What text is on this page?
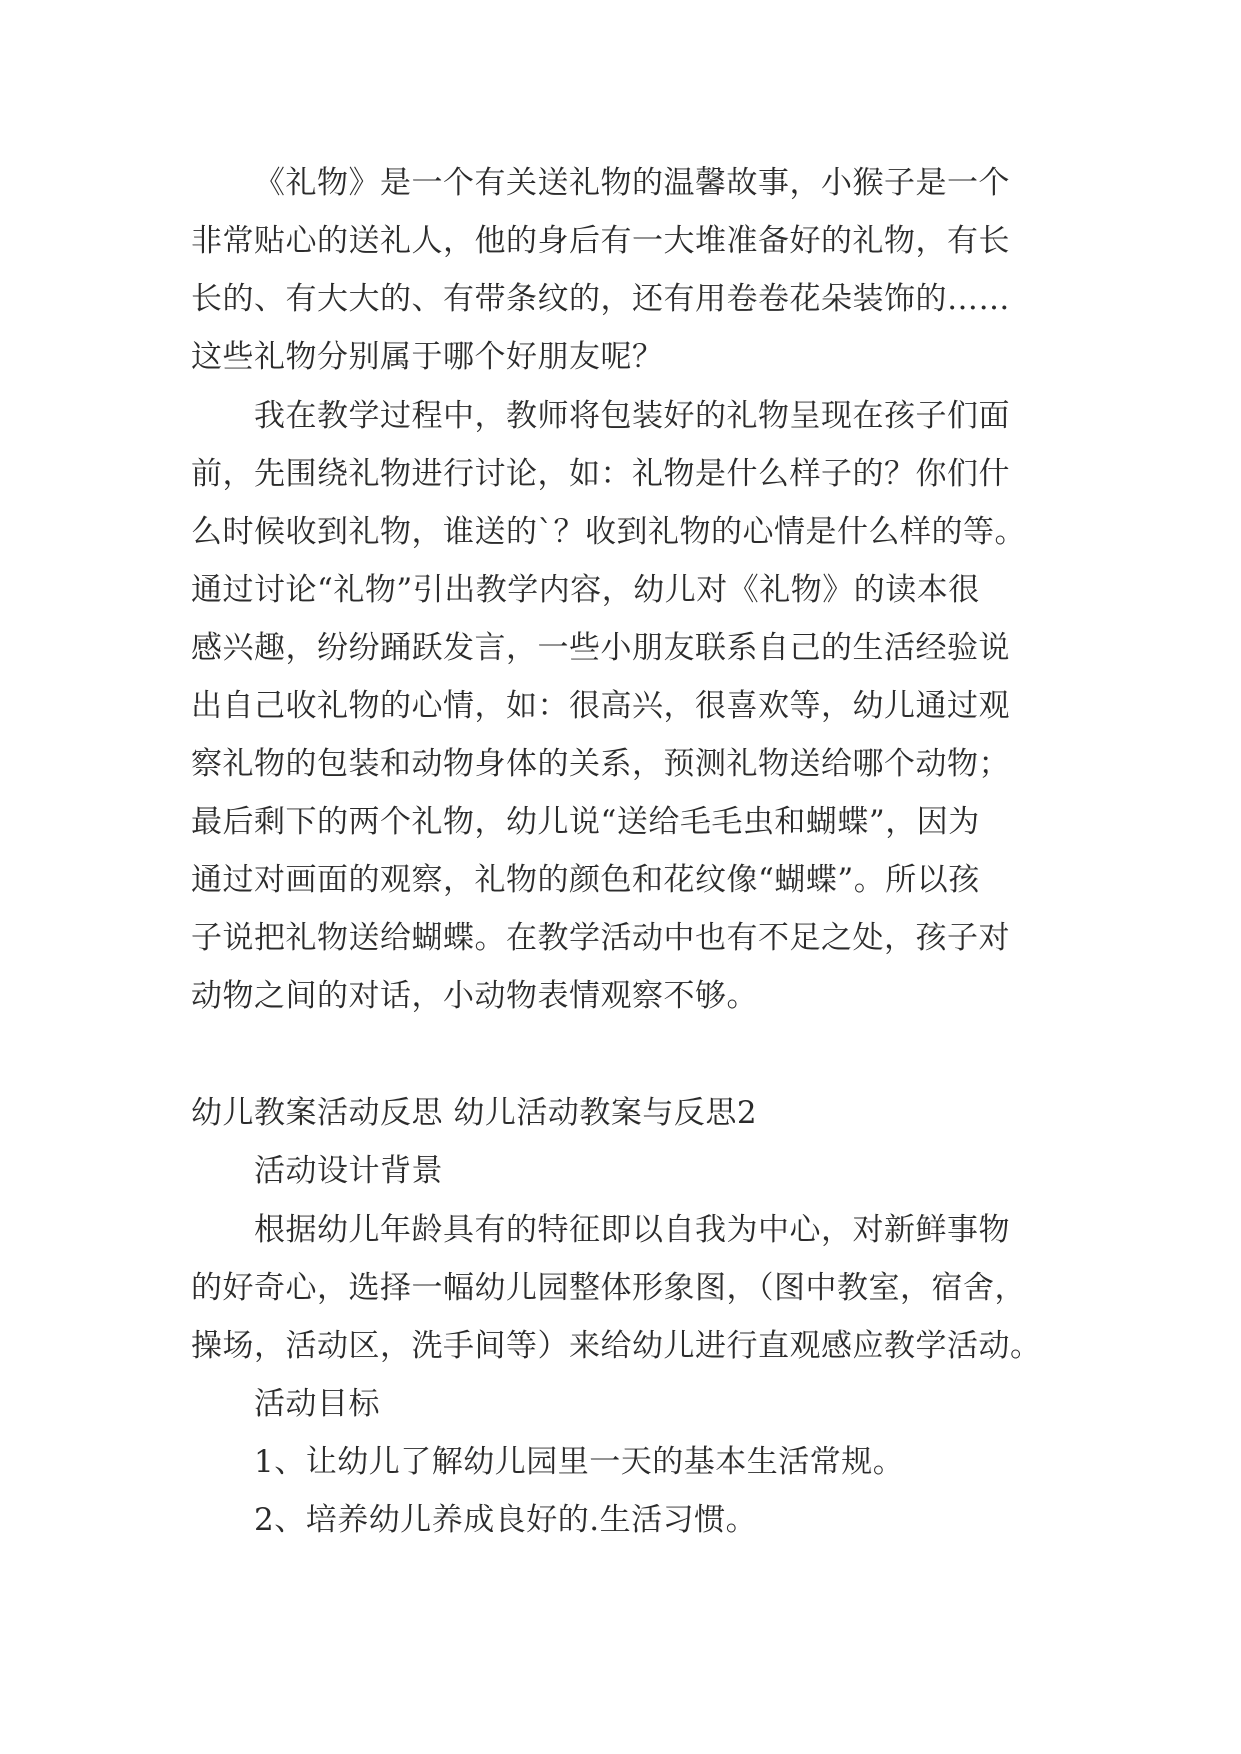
《礼物》是一个有关送礼物的温馨故事，小猴子是一个
非常贴心的送礼人，他的身后有一大堆准备好的礼物，有长
长的、有大大的、有带条纹的，还有用卷卷花朵装饰的……
这些礼物分别属于哪个好朋友呢？
我在教学过程中，教师将包装好的礼物呈现在孩子们面
前，先围绕礼物进行讨论，如：礼物是什么样子的？你们什
么时候收到礼物，谁送的`？收到礼物的心情是什么样的等。
通过讨论“礼物”引出教学内容，幼儿对《礼物》的读本很
感兴趣，纷纷踊跃发言，一些小朋友联系自己的生活经验说
出自己收礼物的心情，如：很高兴，很喜欢等，幼儿通过观
察礼物的包装和动物身体的关系，预测礼物送给哪个动物；
最后剩下的两个礼物，幼儿说“送给毛毛虫和蝴蝶”，因为
通过对画面的观察，礼物的颜色和花纹像“蝴蝶”。所以孩
子说把礼物送给蝴蝶。在教学活动中也有不足之处，孩子对
动物之间的对话，小动物表情观察不够。
幼儿教案活动反思 幼儿活动教案与反思2
活动设计背景
根据幼儿年龄具有的特征即以自我为中心，对新鲜事物
的好奇心，选择一幅幼儿园整体形象图，（图中教室，宿舍，
操场，活动区，洗手间等）来给幼儿进行直观感应教学活动。
活动目标
1、让幼儿了解幼儿园里一天的基本生活常规。
2、培养幼儿养成良好的.生活习惯。
